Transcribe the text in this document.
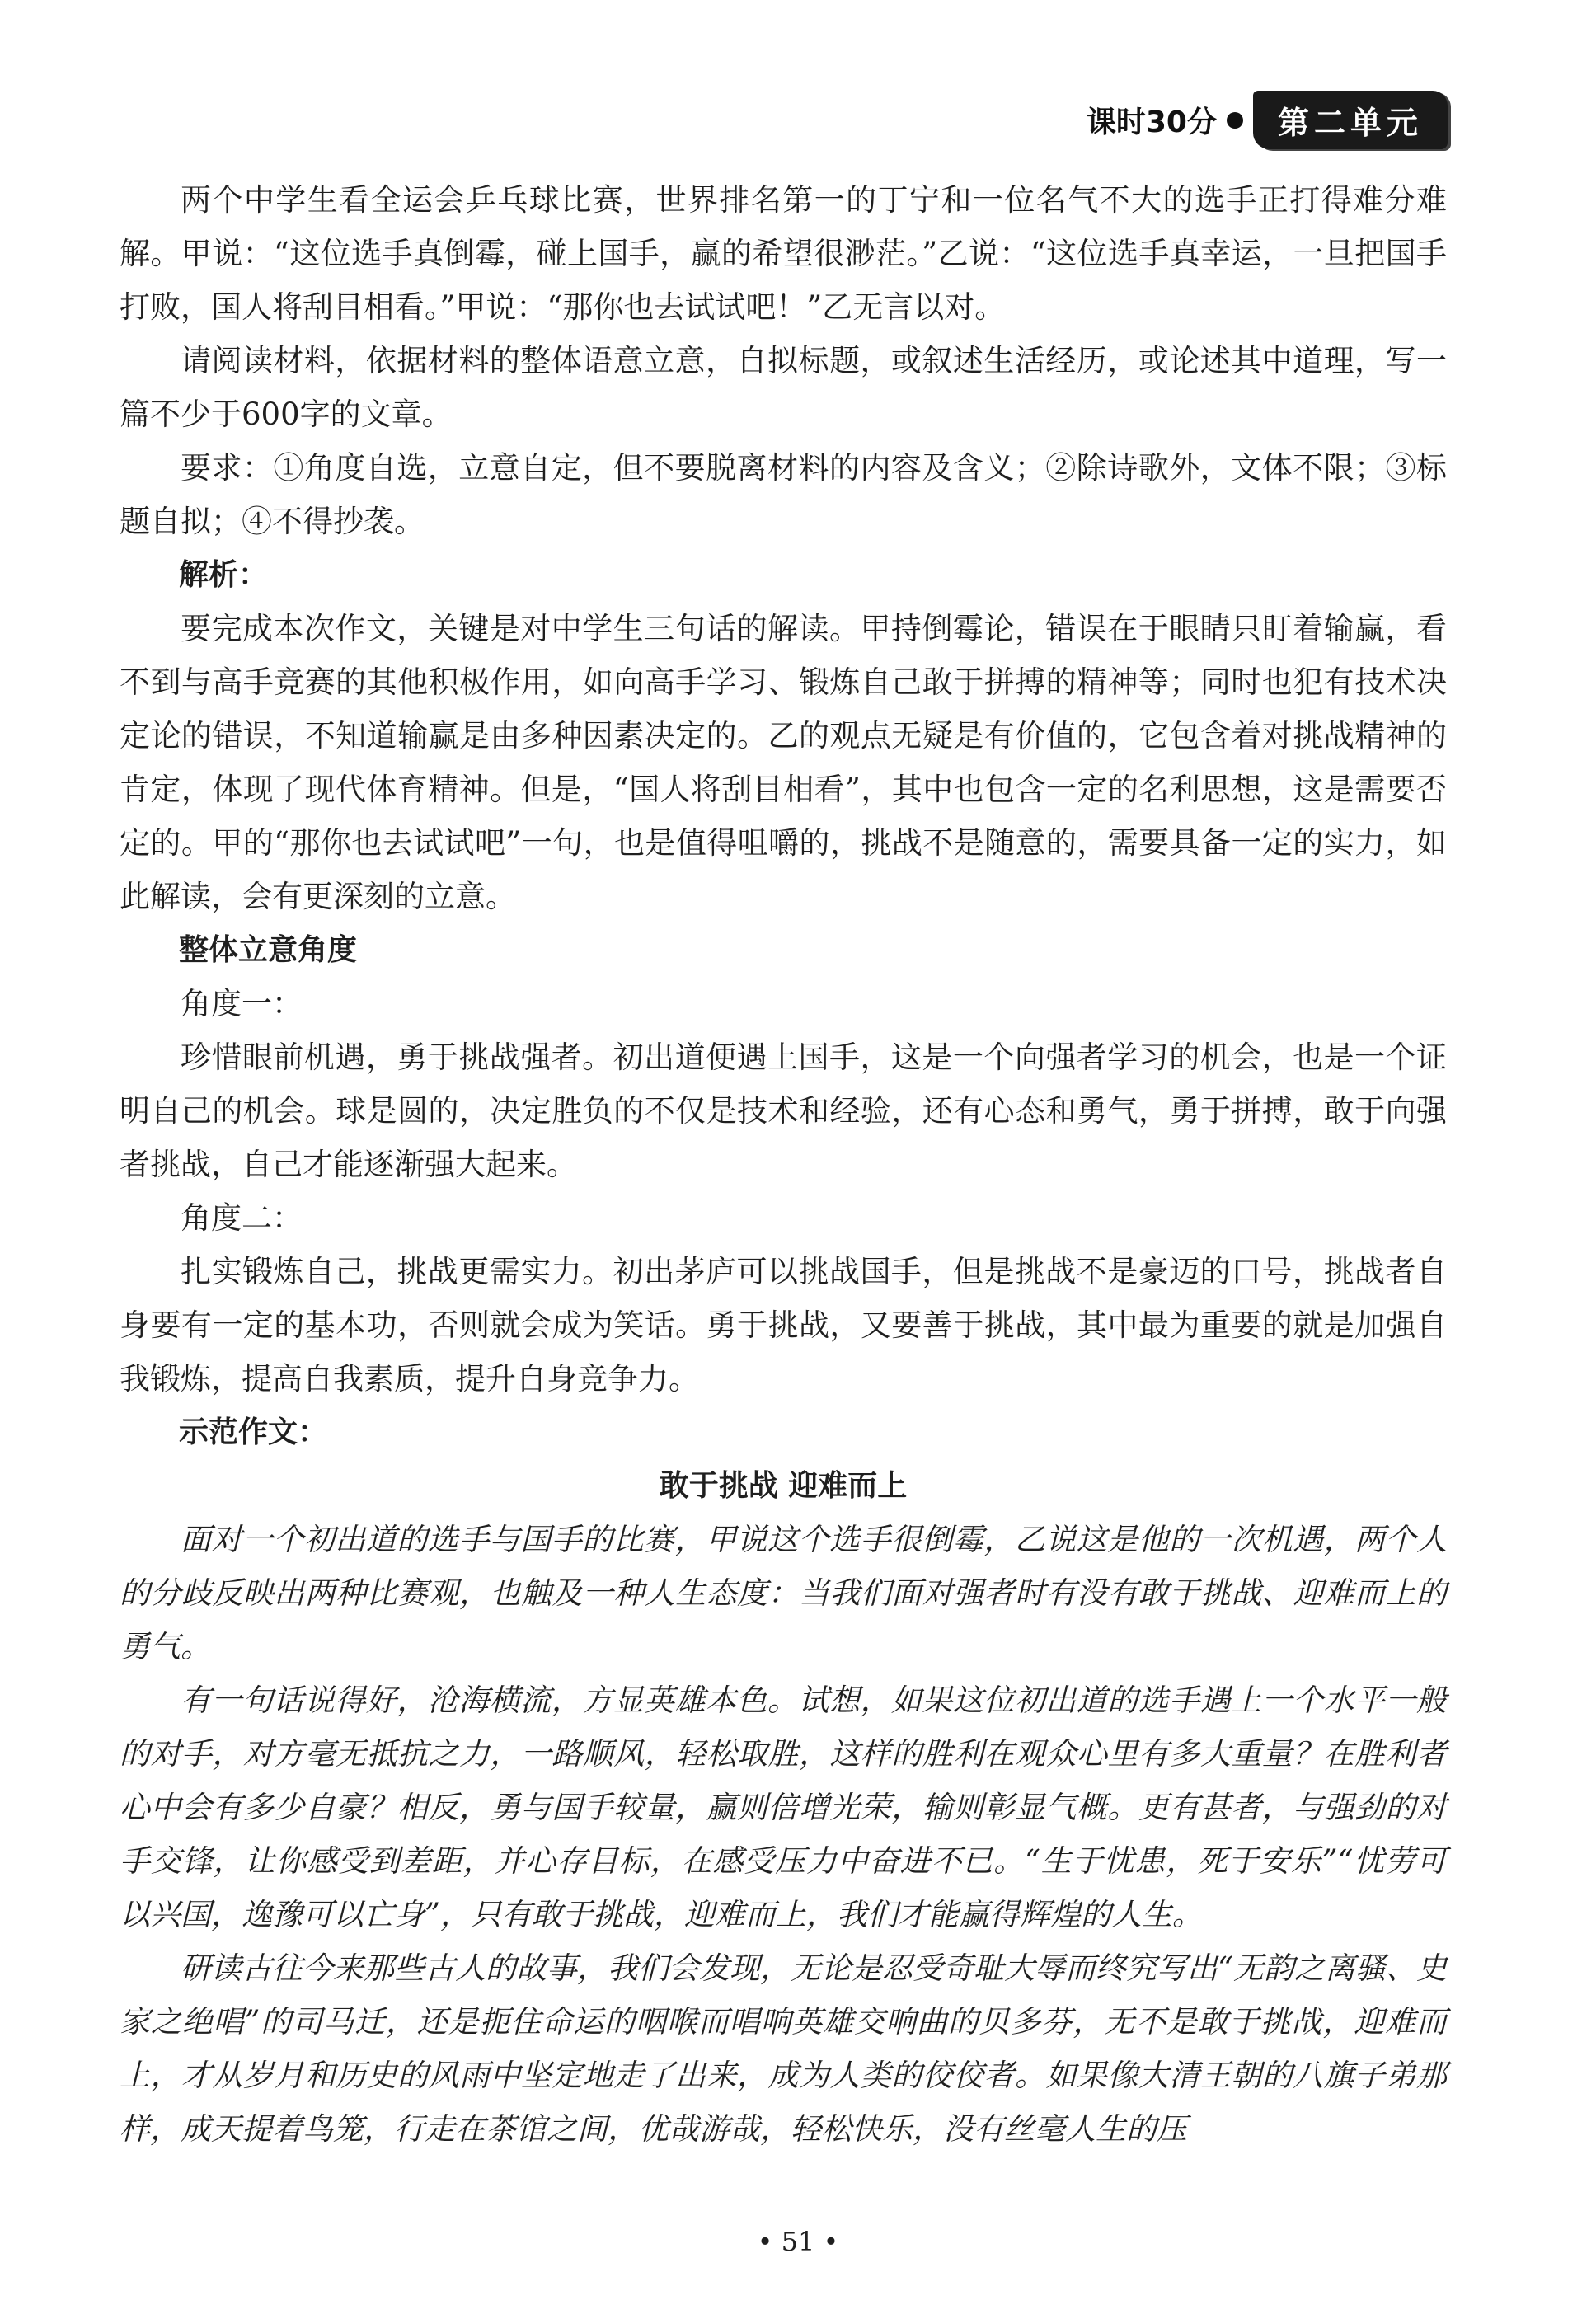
课时30分	第二单元

两个中学生看全运会乒乓球比赛，世界排名第一的丁宁和一位名气不大的选手正打得难分难解。甲说：“这位选手真倒霉，碰上国手，赢的希望很渺茫。”乙说：“这位选手真幸运，一旦把国手打败，国人将刮目相看。”甲说：“那你也去试试吧！”乙无言以对。

请阅读材料，依据材料的整体语意立意，自拟标题，或叙述生活经历，或论述其中道理，写一篇不少于600字的文章。

要求：①角度自选，立意自定，但不要脱离材料的内容及含义；②除诗歌外，文体不限；③标题自拟；④不得抄袭。

解析：

要完成本次作文，关键是对中学生三句话的解读。甲持倒霉论，错误在于眼睛只盯着输赢，看不到与高手竞赛的其他积极作用，如向高手学习、锻炼自己敢于拼搏的精神等；同时也犯有技术决定论的错误，不知道输赢是由多种因素决定的。乙的观点无疑是有价值的，它包含着对挑战精神的肯定，体现了现代体育精神。但是，“国人将刮目相看”，其中也包含一定的名利思想，这是需要否定的。甲的“那你也去试试吧”一句，也是值得咀嚼的，挑战不是随意的，需要具备一定的实力，如此解读，会有更深刻的立意。

整体立意角度

角度一：

珍惜眼前机遇，勇于挑战强者。初出道便遇上国手，这是一个向强者学习的机会，也是一个证明自己的机会。球是圆的，决定胜负的不仅是技术和经验，还有心态和勇气，勇于拼搏，敢于向强者挑战，自己才能逐渐强大起来。

角度二：

扎实锻炼自己，挑战更需实力。初出茅庐可以挑战国手，但是挑战不是豪迈的口号，挑战者自身要有一定的基本功，否则就会成为笑话。勇于挑战，又要善于挑战，其中最为重要的就是加强自我锻炼，提高自我素质，提升自身竞争力。

示范作文：

敢于挑战 迎难而上

面对一个初出道的选手与国手的比赛，甲说这个选手很倒霉，乙说这是他的一次机遇，两个人的分歧反映出两种比赛观，也触及一种人生态度：当我们面对强者时有没有敢于挑战、迎难而上的勇气。

有一句话说得好，沧海横流，方显英雄本色。试想，如果这位初出道的选手遇上一个水平一般的对手，对方毫无抵抗之力，一路顺风，轻松取胜，这样的胜利在观众心里有多大重量？在胜利者心中会有多少自豪？相反，勇与国手较量，赢则倍增光荣，输则彰显气概。更有甚者，与强劲的对手交锋，让你感受到差距，并心存目标，在感受压力中奋进不已。“生于忧患，死于安乐”“忧劳可以兴国，逸豫可以亡身”，只有敢于挑战，迎难而上，我们才能赢得辉煌的人生。

研读古往今来那些古人的故事，我们会发现，无论是忍受奇耻大辱而终究写出“无韵之离骚、史家之绝唱”的司马迁，还是扼住命运的咽喉而唱响英雄交响曲的贝多芬，无不是敢于挑战，迎难而上，才从岁月和历史的风雨中坚定地走了出来，成为人类的佼佼者。如果像大清王朝的八旗子弟那样，成天提着鸟笼，行走在茶馆之间，优哉游哉，轻松快乐，没有丝毫人生的压

• 51 •
